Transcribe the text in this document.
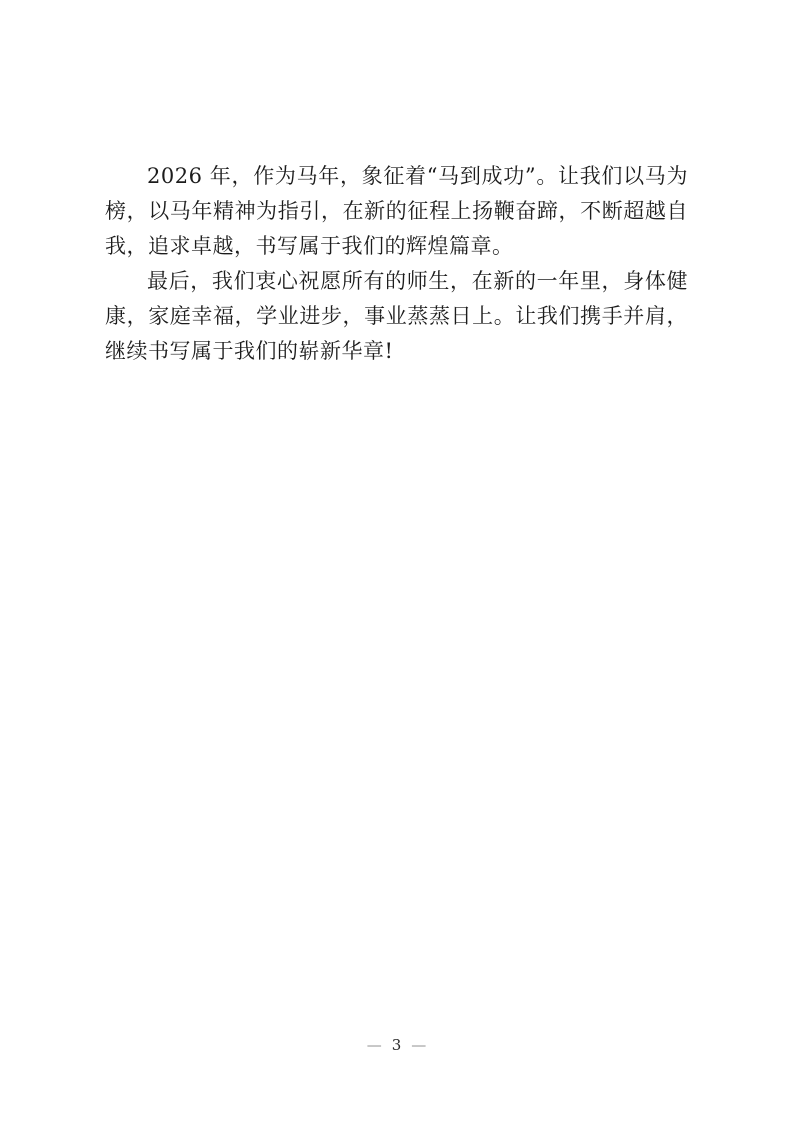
2026 年，作为马年，象征着“马到成功”。让我们以马为榜，以马年精神为指引，在新的征程上扬鞭奋蹄，不断超越自我，追求卓越，书写属于我们的辉煌篇章。

最后，我们衷心祝愿所有的师生，在新的一年里，身体健康，家庭幸福，学业进步，事业蒸蒸日上。让我们携手并肩，继续书写属于我们的崭新华章!

— 3 —
